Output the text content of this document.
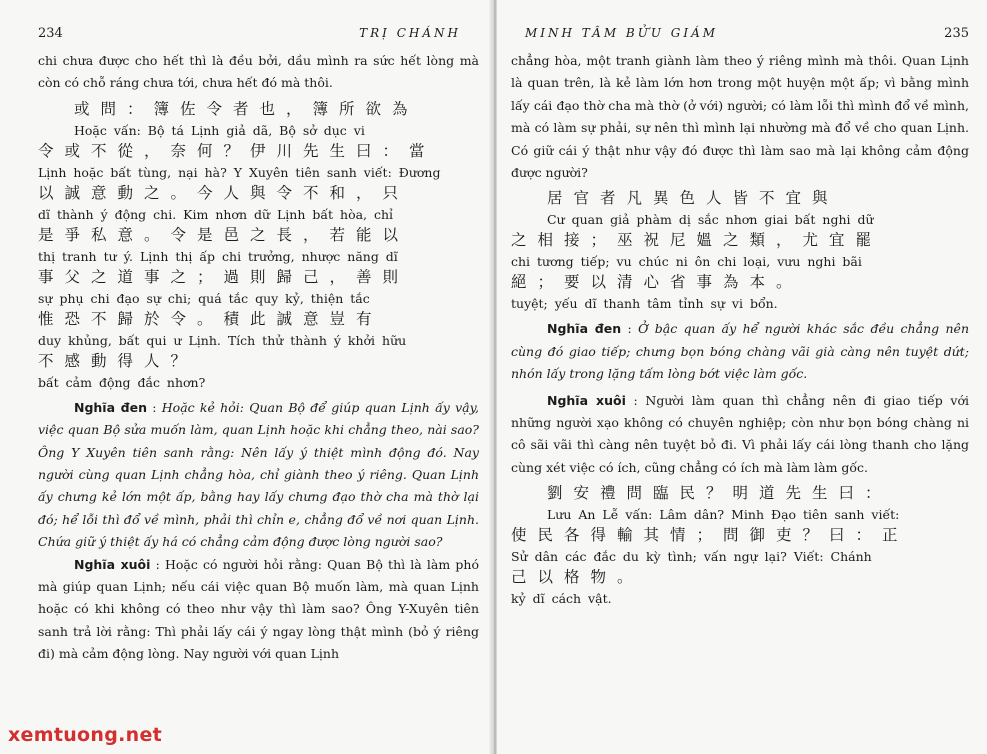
234	TRỊ CHÁNH

chi chưa được cho hết thì là đều bởi, dầu mình ra sức hết lòng mà còn có chỗ ráng chưa tới, chưa hết đó mà thôi.

或問：簿佐令者也，簿所欲為
Hoặc vấn: Bộ tá Lịnh giả dã, Bộ sở dục vi
令或不從，奈何？伊川先生曰：當
Lịnh hoặc bất tùng, nại hà? Y Xuyên tiên sanh viết: Đương
以誠意動之。今人與令不和，只
dĩ thành ý động chi. Kim nhơn dữ Lịnh bất hòa, chỉ
是爭私意。令是邑之長，若能以
thị tranh tư ý. Lịnh thị ấp chi trưởng, nhược năng dĩ
事父之道事之；過則歸己，善則
sự phụ chi đạo sự chi; quá tắc quy kỷ, thiện tắc
惟恐不歸於令。積此誠意豈有
duy khủng, bất qui ư Lịnh. Tích thử thành ý khởi hữu
不感動得人？
bất cảm động đắc nhơn?

Nghĩa đen : Hoặc kẻ hỏi: Quan Bộ để giúp quan Lịnh ấy vậy, việc quan Bộ sửa muốn làm, quan Lịnh hoặc khi chẳng theo, nài sao? Ông Y Xuyên tiên sanh rằng: Nên lấy ý thiệt mình động đó. Nay người cùng quan Lịnh chẳng hòa, chỉ giành theo ý riêng. Quan Lịnh ấy chưng kẻ lớn một ấp, bằng hay lấy chưng đạo thờ cha mà thờ lại đó; hể lỗi thì đổ về mình, phải thì chỉn e, chẳng đổ về nơi quan Lịnh. Chứa giữ ý thiệt ấy há có chẳng cảm động được lòng người sao?

Nghĩa xuôi : Hoặc có người hỏi rằng: Quan Bộ thì là làm phó mà giúp quan Lịnh; nếu cái việc quan Bộ muốn làm, mà quan Lịnh hoặc có khi không có theo như vậy thì làm sao? Ông Y-Xuyên tiên sanh trả lời rằng: Thì phải lấy cái ý ngay lòng thật mình (bỏ ý riêng đi) mà cảm động lòng. Nay người với quan Lịnh

MINH TÂM BỬU GIÁM	235

chẳng hòa, một tranh giành làm theo ý riêng mình mà thôi. Quan Lịnh là quan trên, là kẻ làm lớn hơn trong một huyện một ấp; vì bằng mình lấy cái đạo thờ cha mà thờ (ở với) người; có làm lỗi thì mình đổ về mình, mà có làm sự phải, sự nên thì mình lại nhường mà đổ về cho quan Lịnh. Có giữ cái ý thật như vậy đó được thì làm sao mà lại không cảm động được người?

居官者凡異色人皆不宜與
Cư quan giả phàm dị sắc nhơn giai bất nghi dữ
之相接；巫祝尼媼之類，尤宜罷
chi tương tiếp; vu chúc ni ôn chi loại, vưu nghi bãi
絕；要以清心省事為本。
tuyệt; yếu dĩ thanh tâm tỉnh sự vi bổn.

Nghĩa đen : Ở bậc quan ấy hể người khác sắc đều chẳng nên cùng đó giao tiếp; chưng bọn bóng chàng vãi già càng nên tuyệt dứt; nhón lấy trong lặng tấm lòng bớt việc làm gốc.

Nghĩa xuôi : Người làm quan thì chẳng nên đi giao tiếp với những người xạo không có chuyên nghiệp; còn như bọn bóng chàng ni cô sãi vãi thì càng nên tuyệt bỏ đi. Vì phải lấy cái lòng thanh cho lặng cùng xét việc có ích, cũng chẳng có ích mà làm làm gốc.

劉安禮問臨民？明道先生曰：
Lưu An Lễ vấn: Lâm dân? Minh Đạo tiên sanh viết:
使民各得輸其情；問御吏？曰：正
Sử dân các đắc du kỳ tình; vấn ngự lại? Viết: Chánh
己以格物。
kỷ dĩ cách vật.
xemtuong.net
